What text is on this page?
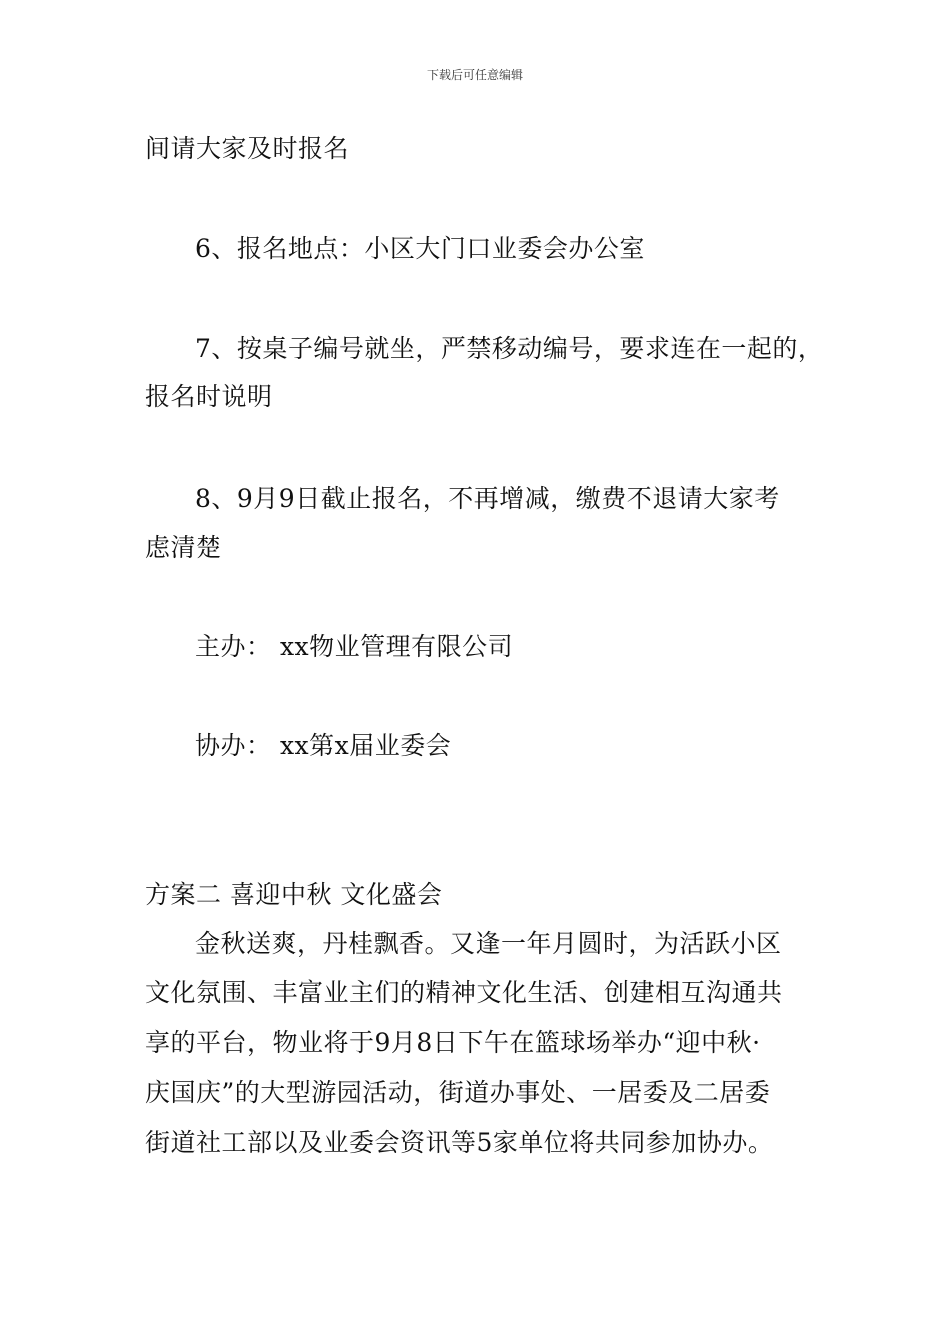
下载后可任意编辑
间请大家及时报名
6、报名地点：小区大门口业委会办公室
7、按桌子编号就坐，严禁移动编号，要求连在一起的，
报名时说明
8、9月9日截止报名，不再增减，缴费不退请大家考
虑清楚
主办： xx物业管理有限公司
协办： xx第x届业委会
方案二 喜迎中秋 文化盛会
金秋送爽，丹桂飘香。又逢一年月圆时，为活跃小区
文化氛围、丰富业主们的精神文化生活、创建相互沟通共
享的平台，物业将于9月8日下午在篮球场举办“迎中秋·
庆国庆”的大型游园活动，街道办事处、一居委及二居委
街道社工部以及业委会资讯等5家单位将共同参加协办。
